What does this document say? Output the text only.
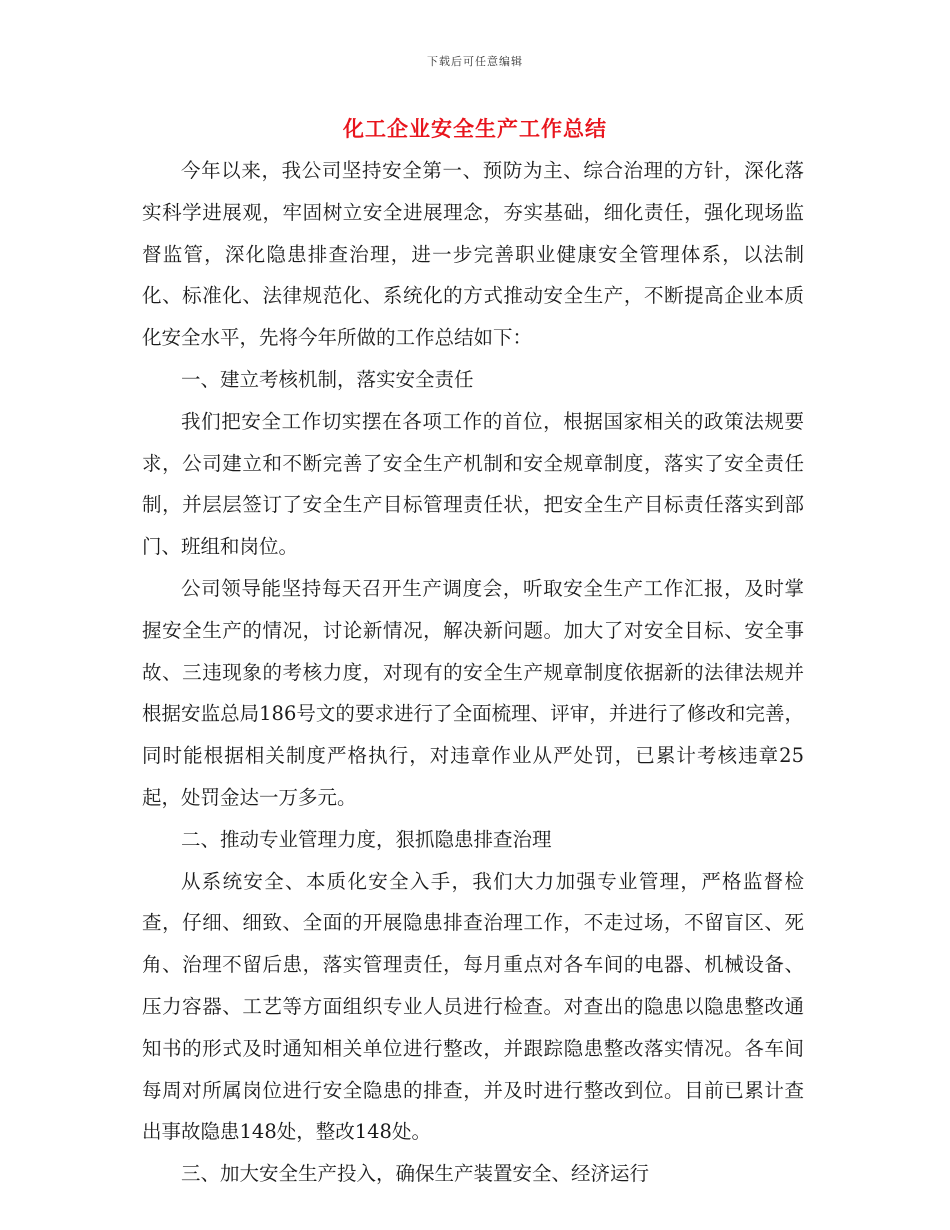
下载后可任意编辑
化工企业安全生产工作总结

今年以来，我公司坚持安全第一、预防为主、综合治理的方针，深化落实科学进展观，牢固树立安全进展理念，夯实基础，细化责任，强化现场监督监管，深化隐患排查治理，进一步完善职业健康安全管理体系，以法制化、标准化、法律规范化、系统化的方式推动安全生产，不断提高企业本质化安全水平，先将今年所做的工作总结如下：

一、建立考核机制，落实安全责任

我们把安全工作切实摆在各项工作的首位，根据国家相关的政策法规要求，公司建立和不断完善了安全生产机制和安全规章制度，落实了安全责任制，并层层签订了安全生产目标管理责任状，把安全生产目标责任落实到部门、班组和岗位。

公司领导能坚持每天召开生产调度会，听取安全生产工作汇报，及时掌握安全生产的情况，讨论新情况，解决新问题。加大了对安全目标、安全事故、三违现象的考核力度，对现有的安全生产规章制度依据新的法律法规并根据安监总局186号文的要求进行了全面梳理、评审，并进行了修改和完善，同时能根据相关制度严格执行，对违章作业从严处罚，已累计考核违章25起，处罚金达一万多元。

二、推动专业管理力度，狠抓隐患排查治理

从系统安全、本质化安全入手，我们大力加强专业管理，严格监督检查，仔细、细致、全面的开展隐患排查治理工作，不走过场，不留盲区、死角、治理不留后患，落实管理责任，每月重点对各车间的电器、机械设备、压力容器、工艺等方面组织专业人员进行检查。对查出的隐患以隐患整改通知书的形式及时通知相关单位进行整改，并跟踪隐患整改落实情况。各车间每周对所属岗位进行安全隐患的排查，并及时进行整改到位。目前已累计查出事故隐患148处，整改148处。

三、加大安全生产投入，确保生产装置安全、经济运行
